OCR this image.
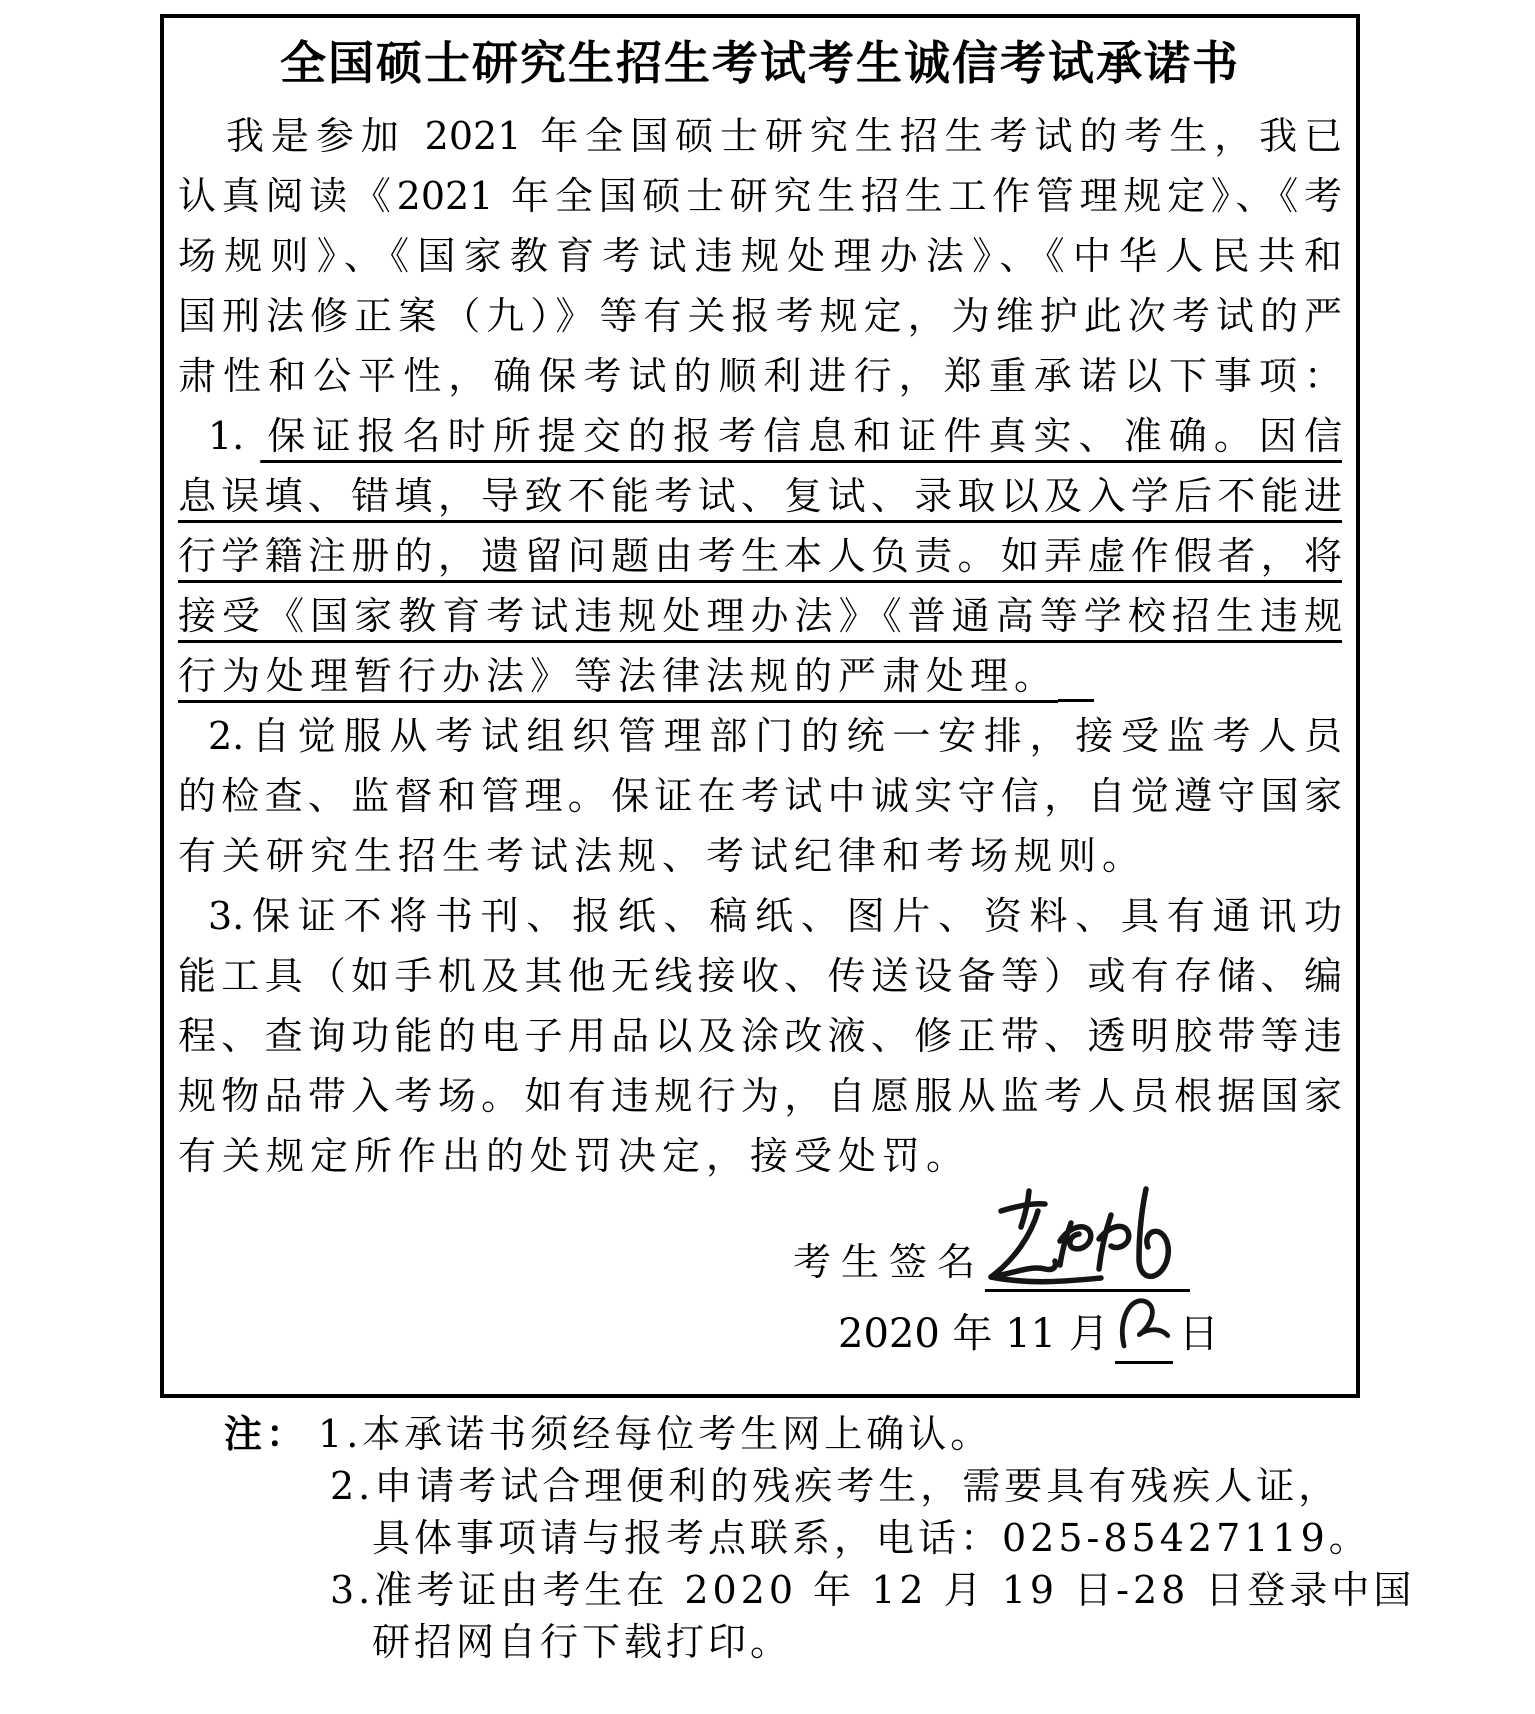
全国硕士研究生招生考试考生诚信考试承诺书
我是参加 2021 年全国硕士研究生招生考试的考生，我已
认真阅读《2021 年全国硕士研究生招生工作管理规定》、《考
场规则》、《国家教育考试违规处理办法》、《中华人民共和
国刑法修正案（九）》等有关报考规定，为维护此次考试的严
肃性和公平性，确保考试的顺利进行，郑重承诺以下事项：
1. 保证报名时所提交的报考信息和证件真实、准确。因信
息误填、错填，导致不能考试、复试、录取以及入学后不能进
行学籍注册的，遗留问题由考生本人负责。如弄虚作假者，将
接受《国家教育考试违规处理办法》《普通高等学校招生违规
行为处理暂行办法》等法律法规的严肃处理。
2.自觉服从考试组织管理部门的统一安排，接受监考人员
的检查、监督和管理。保证在考试中诚实守信，自觉遵守国家
有关研究生招生考试法规、考试纪律和考场规则。
3.保证不将书刊、报纸、稿纸、图片、资料、具有通讯功
能工具（如手机及其他无线接收、传送设备等）或有存储、编
程、查询功能的电子用品以及涂改液、修正带、透明胶带等违
规物品带入考场。如有违规行为，自愿服从监考人员根据国家
有关规定所作出的处罚决定，接受处罚。
考生签名
2020 年 11 月 日
注： 1.本承诺书须经每位考生网上确认。
2.申请考试合理便利的残疾考生，需要具有残疾人证，
具体事项请与报考点联系，电话：025-85427119。
3.准考证由考生在 2020 年 12 月 19 日-28 日登录中国
研招网自行下载打印。
